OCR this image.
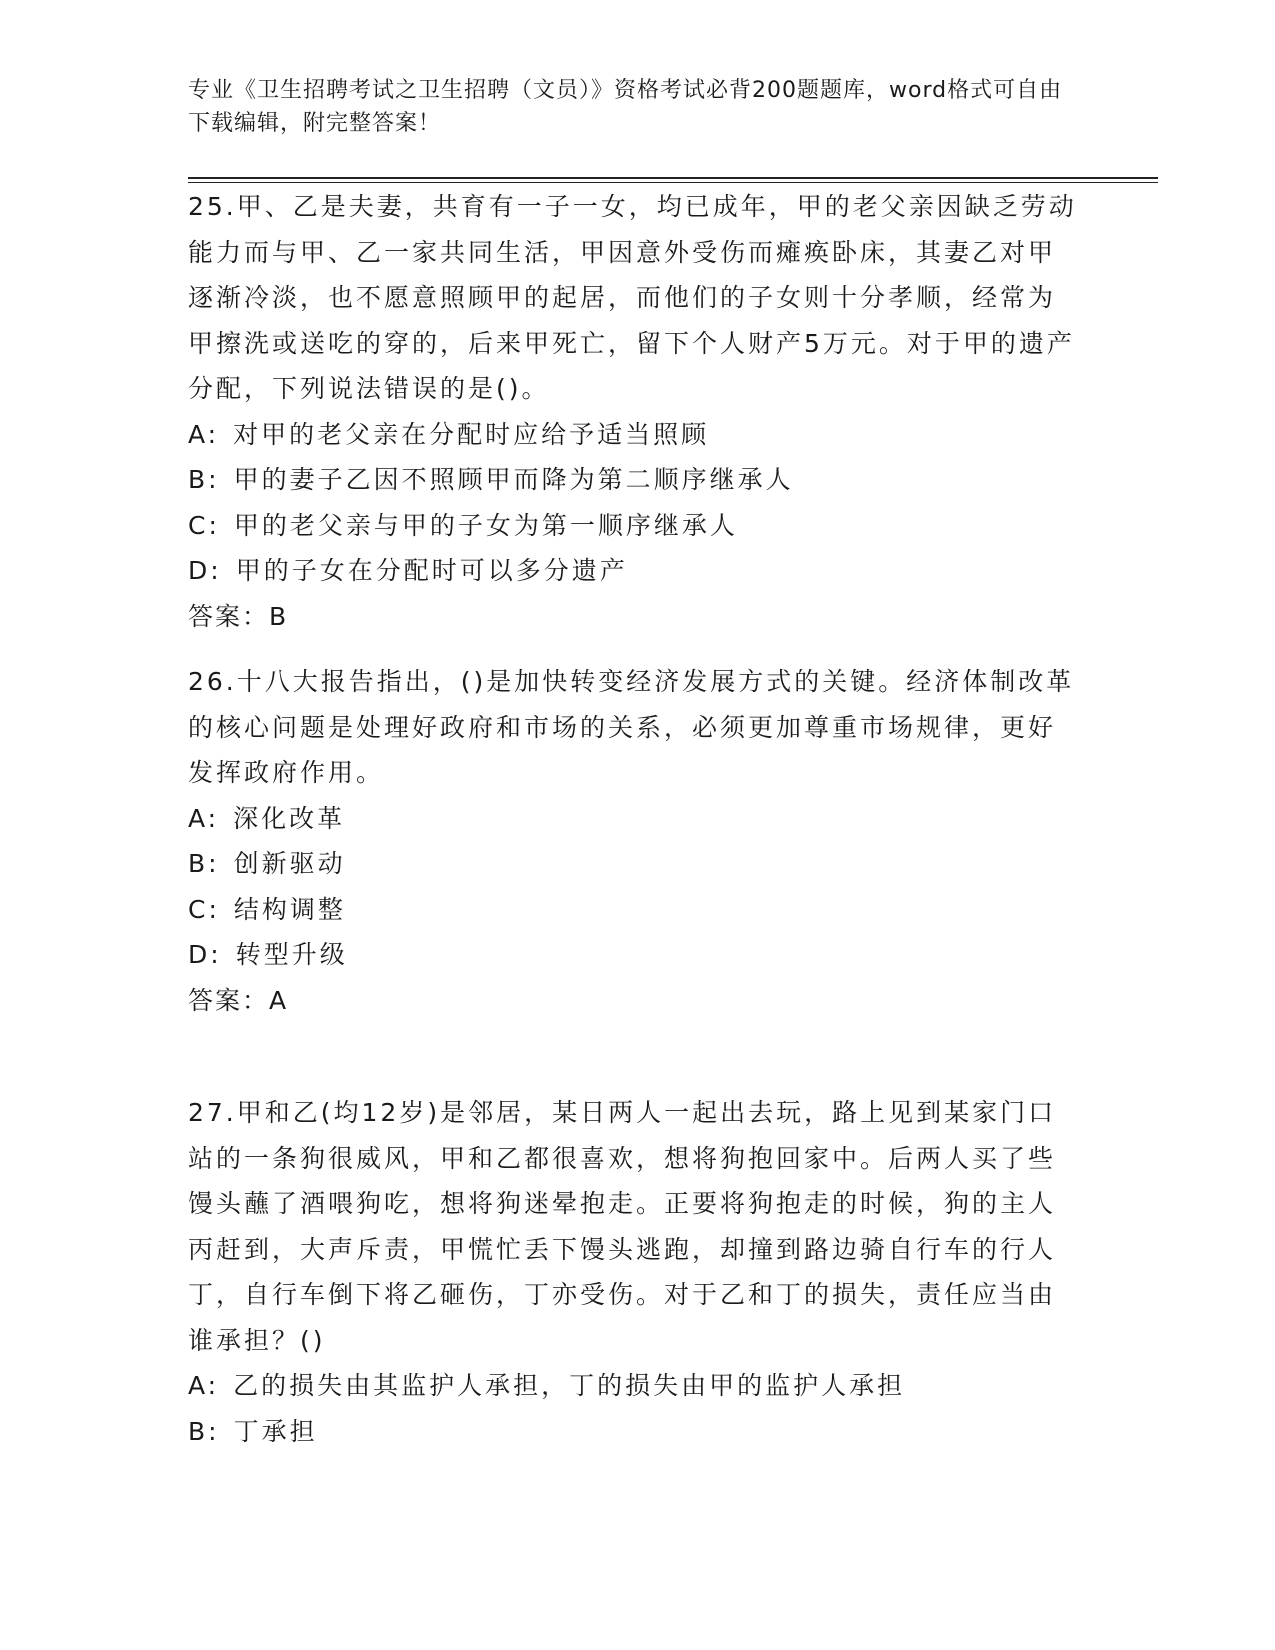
专业《卫生招聘考试之卫生招聘（文员）》资格考试必背200题题库，word格式可自由下载编辑，附完整答案！
25.甲、乙是夫妻，共育有一子一女，均已成年，甲的老父亲因缺乏劳动能力而与甲、乙一家共同生活，甲因意外受伤而瘫痪卧床，其妻乙对甲逐渐冷淡，也不愿意照顾甲的起居，而他们的子女则十分孝顺，经常为甲擦洗或送吃的穿的，后来甲死亡，留下个人财产5万元。对于甲的遗产分配，下列说法错误的是()。
A: 对甲的老父亲在分配时应给予适当照顾
B: 甲的妻子乙因不照顾甲而降为第二顺序继承人
C: 甲的老父亲与甲的子女为第一顺序继承人
D: 甲的子女在分配时可以多分遗产
答案：B
26.十八大报告指出，()是加快转变经济发展方式的关键。经济体制改革的核心问题是处理好政府和市场的关系，必须更加尊重市场规律，更好发挥政府作用。
A: 深化改革
B: 创新驱动
C: 结构调整
D: 转型升级
答案：A
27.甲和乙(均12岁)是邻居，某日两人一起出去玩，路上见到某家门口站的一条狗很威风，甲和乙都很喜欢，想将狗抱回家中。后两人买了些馒头蘸了酒喂狗吃，想将狗迷晕抱走。正要将狗抱走的时候，狗的主人丙赶到，大声斥责，甲慌忙丢下馒头逃跑，却撞到路边骑自行车的行人丁，自行车倒下将乙砸伤，丁亦受伤。对于乙和丁的损失，责任应当由谁承担？()
A: 乙的损失由其监护人承担，丁的损失由甲的监护人承担
B: 丁承担
